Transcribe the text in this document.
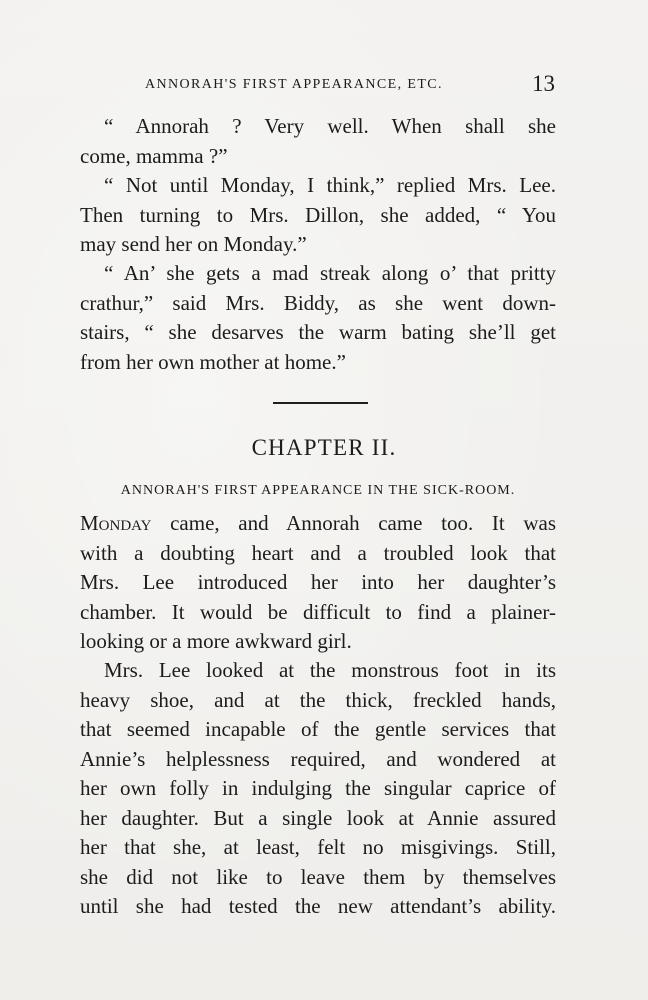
ANNORAH'S FIRST APPEARANCE, ETC.	13

“ Annorah ? Very well. When shall she
come, mamma ?”

“ Not until Monday, I think,” replied Mrs. Lee.
Then turning to Mrs. Dillon, she added, “ You
may send her on Monday.”

“ An’ she gets a mad streak along o’ that pritty
crathur,” said Mrs. Biddy, as she went down-
stairs, “ she desarves the warm bating she’ll get
from her own mother at home.”

CHAPTER II.
ANNORAH'S FIRST APPEARANCE IN THE SICK-ROOM.

Monday came, and Annorah came too. It was
with a doubting heart and a troubled look that
Mrs. Lee introduced her into her daughter’s
chamber. It would be difficult to find a plainer-
looking or a more awkward girl.

Mrs. Lee looked at the monstrous foot in its
heavy shoe, and at the thick, freckled hands,
that seemed incapable of the gentle services that
Annie’s helplessness required, and wondered at
her own folly in indulging the singular caprice of
her daughter. But a single look at Annie assured
her that she, at least, felt no misgivings. Still,
she did not like to leave them by themselves
until she had tested the new attendant’s ability.
